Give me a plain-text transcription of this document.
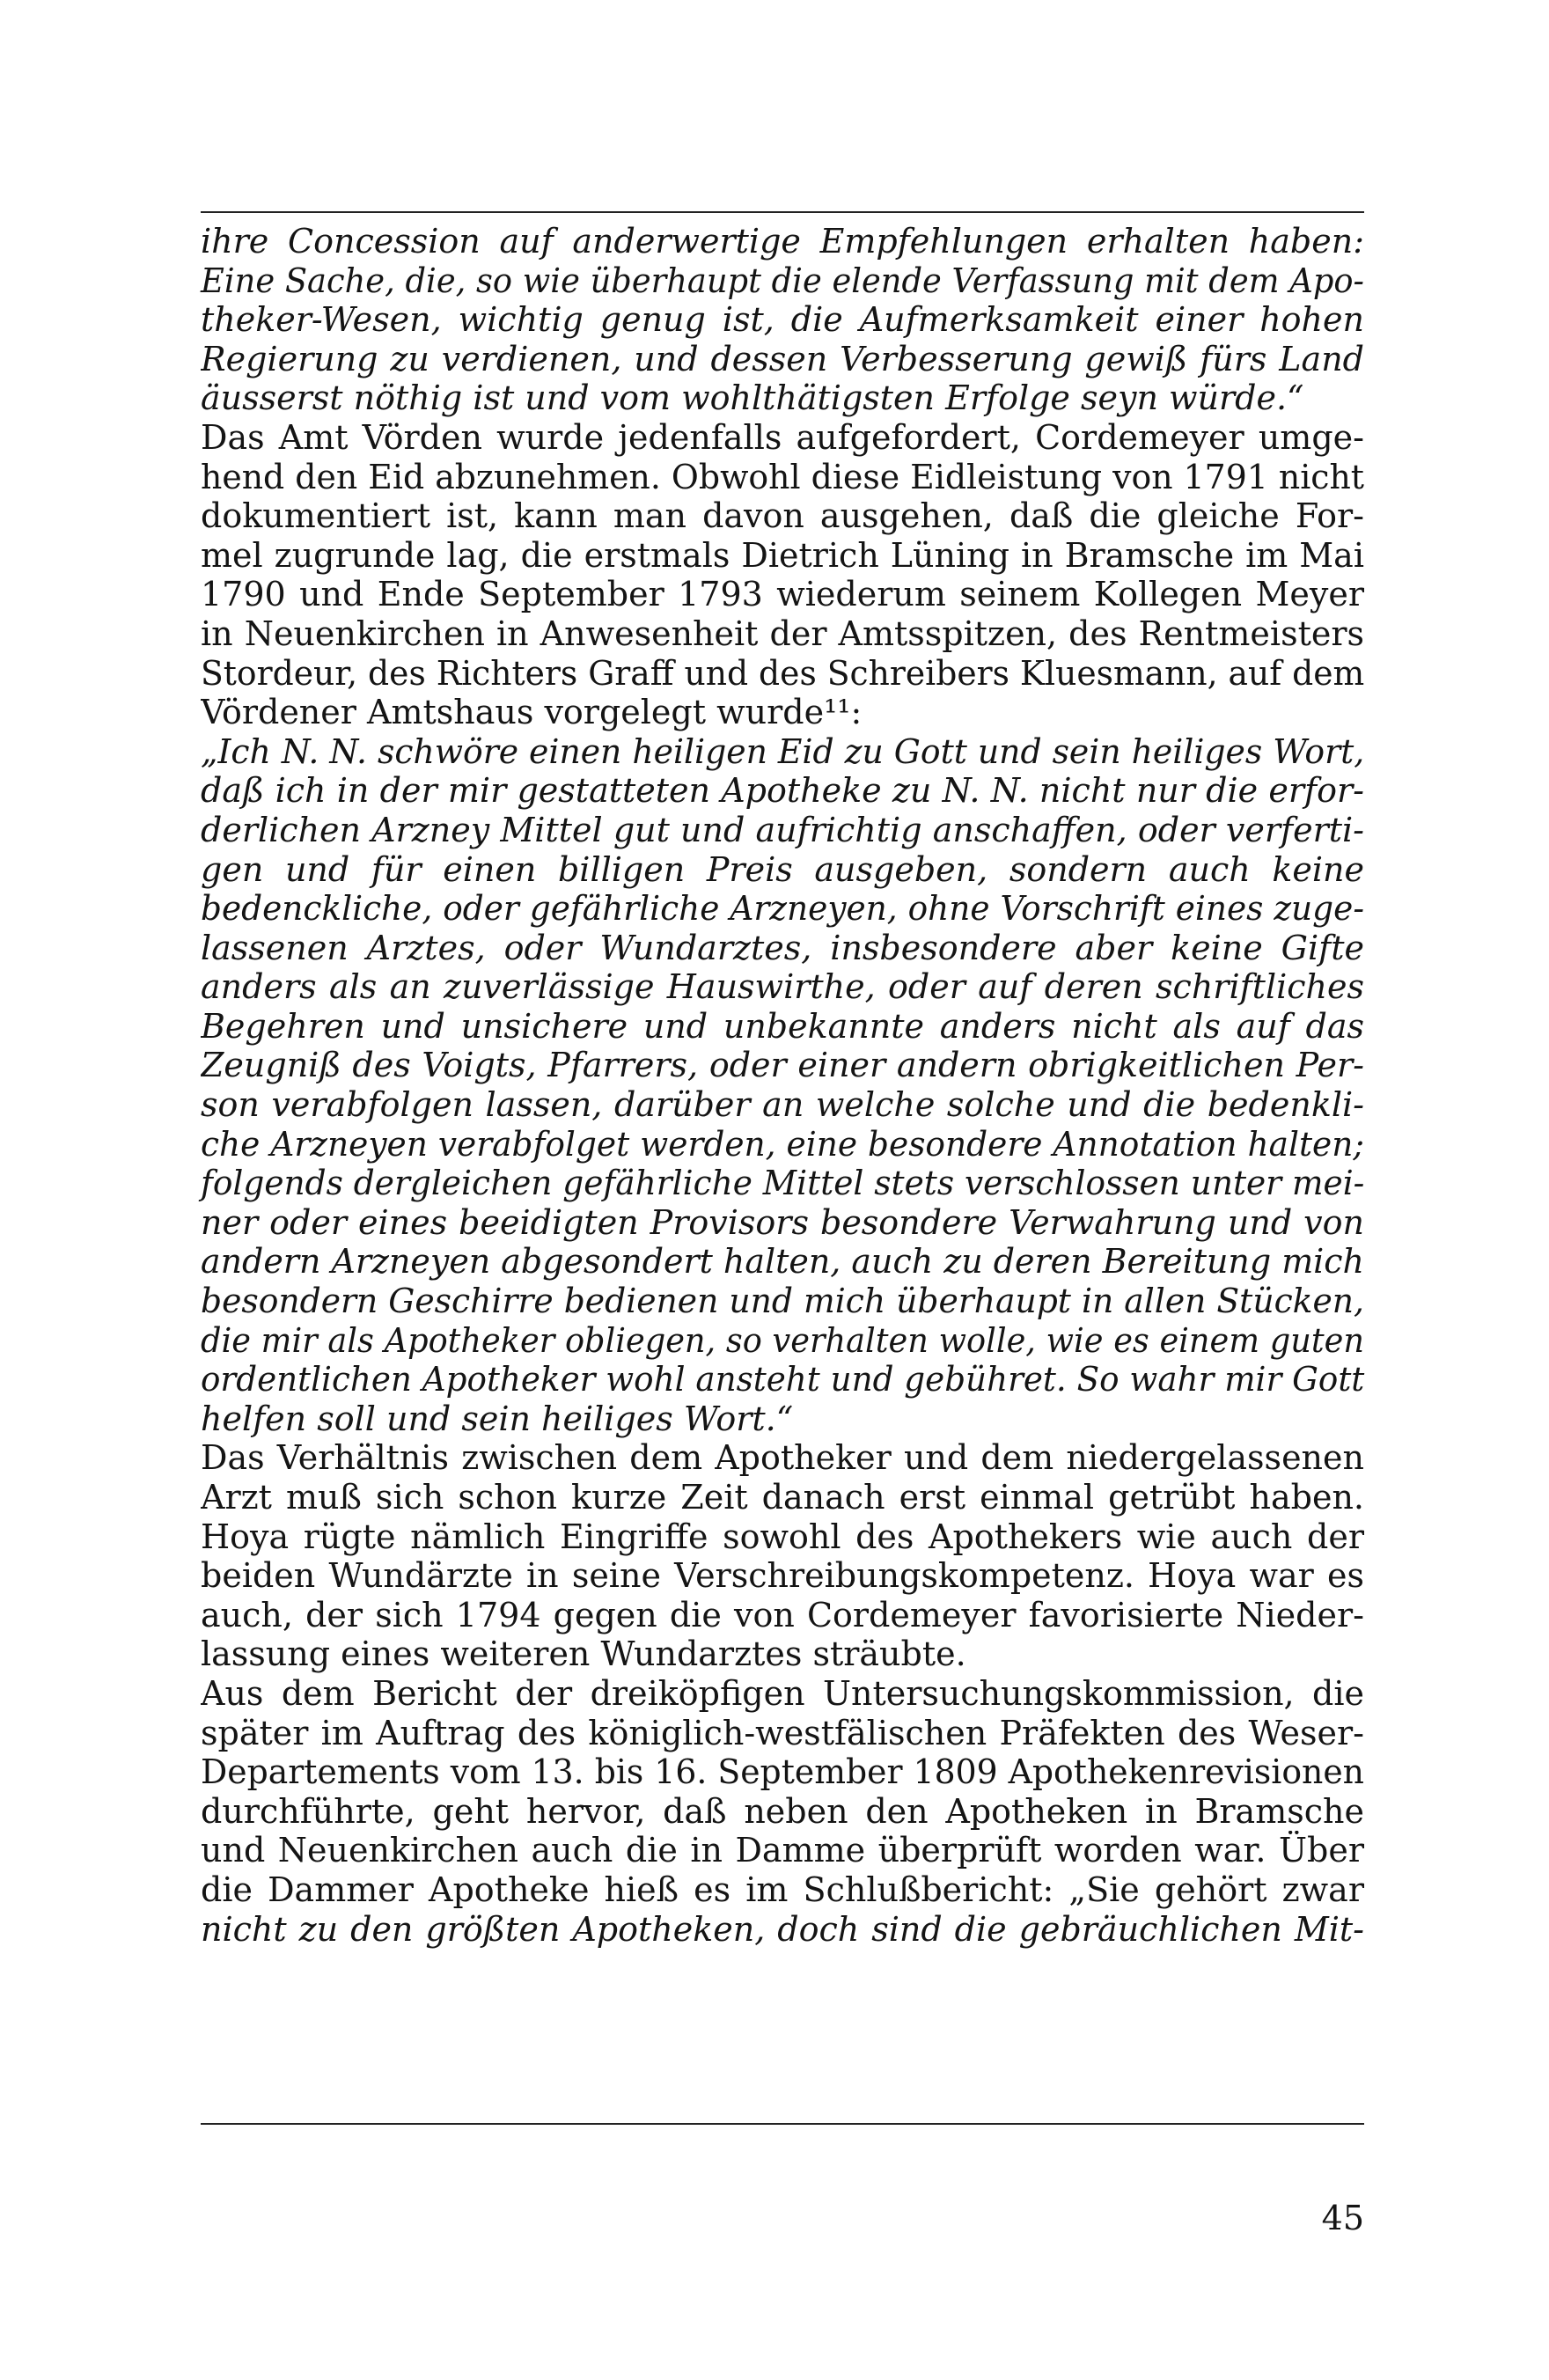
ihre Concession auf anderwertige Empfehlungen erhalten haben:
Eine Sache, die, so wie überhaupt die elende Verfassung mit dem Apo-
theker-Wesen, wichtig genug ist, die Aufmerksamkeit einer hohen
Regierung zu verdienen, und dessen Verbesserung gewiß fürs Land
äusserst nöthig ist und vom wohlthätigsten Erfolge seyn würde.“
Das Amt Vörden wurde jedenfalls aufgefordert, Cordemeyer umge-
hend den Eid abzunehmen. Obwohl diese Eidleistung von 1791 nicht
dokumentiert ist, kann man davon ausgehen, daß die gleiche For-
mel zugrunde lag, die erstmals Dietrich Lüning in Bramsche im Mai
1790 und Ende September 1793 wiederum seinem Kollegen Meyer
in Neuenkirchen in Anwesenheit der Amtsspitzen, des Rentmeisters
Stordeur, des Richters Graff und des Schreibers Kluesmann, auf dem
Vördener Amtshaus vorgelegt wurde¹¹:
„Ich N. N. schwöre einen heiligen Eid zu Gott und sein heiliges Wort,
daß ich in der mir gestatteten Apotheke zu N. N. nicht nur die erfor-
derlichen Arzney Mittel gut und aufrichtig anschaffen, oder verferti-
gen und für einen billigen Preis ausgeben, sondern auch keine
bedenckliche, oder gefährliche Arzneyen, ohne Vorschrift eines zuge-
lassenen Arztes, oder Wundarztes, insbesondere aber keine Gifte
anders als an zuverlässige Hauswirthe, oder auf deren schriftliches
Begehren und unsichere und unbekannte anders nicht als auf das
Zeugniß des Voigts, Pfarrers, oder einer andern obrigkeitlichen Per-
son verabfolgen lassen, darüber an welche solche und die bedenkli-
che Arzneyen verabfolget werden, eine besondere Annotation halten;
folgends dergleichen gefährliche Mittel stets verschlossen unter mei-
ner oder eines beeidigten Provisors besondere Verwahrung und von
andern Arzneyen abgesondert halten, auch zu deren Bereitung mich
besondern Geschirre bedienen und mich überhaupt in allen Stücken,
die mir als Apotheker obliegen, so verhalten wolle, wie es einem guten
ordentlichen Apotheker wohl ansteht und gebühret. So wahr mir Gott
helfen soll und sein heiliges Wort.“
Das Verhältnis zwischen dem Apotheker und dem niedergelassenen
Arzt muß sich schon kurze Zeit danach erst einmal getrübt haben.
Hoya rügte nämlich Eingriffe sowohl des Apothekers wie auch der
beiden Wundärzte in seine Verschreibungskompetenz. Hoya war es
auch, der sich 1794 gegen die von Cordemeyer favorisierte Nieder-
lassung eines weiteren Wundarztes sträubte.
Aus dem Bericht der dreiköpfigen Untersuchungskommission, die
später im Auftrag des königlich-westfälischen Präfekten des Weser-
Departements vom 13. bis 16. September 1809 Apothekenrevisionen
durchführte, geht hervor, daß neben den Apotheken in Bramsche
und Neuenkirchen auch die in Damme überprüft worden war. Über
die Dammer Apotheke hieß es im Schlußbericht: „Sie gehört zwar
nicht zu den größten Apotheken, doch sind die gebräuchlichen Mit-
45
